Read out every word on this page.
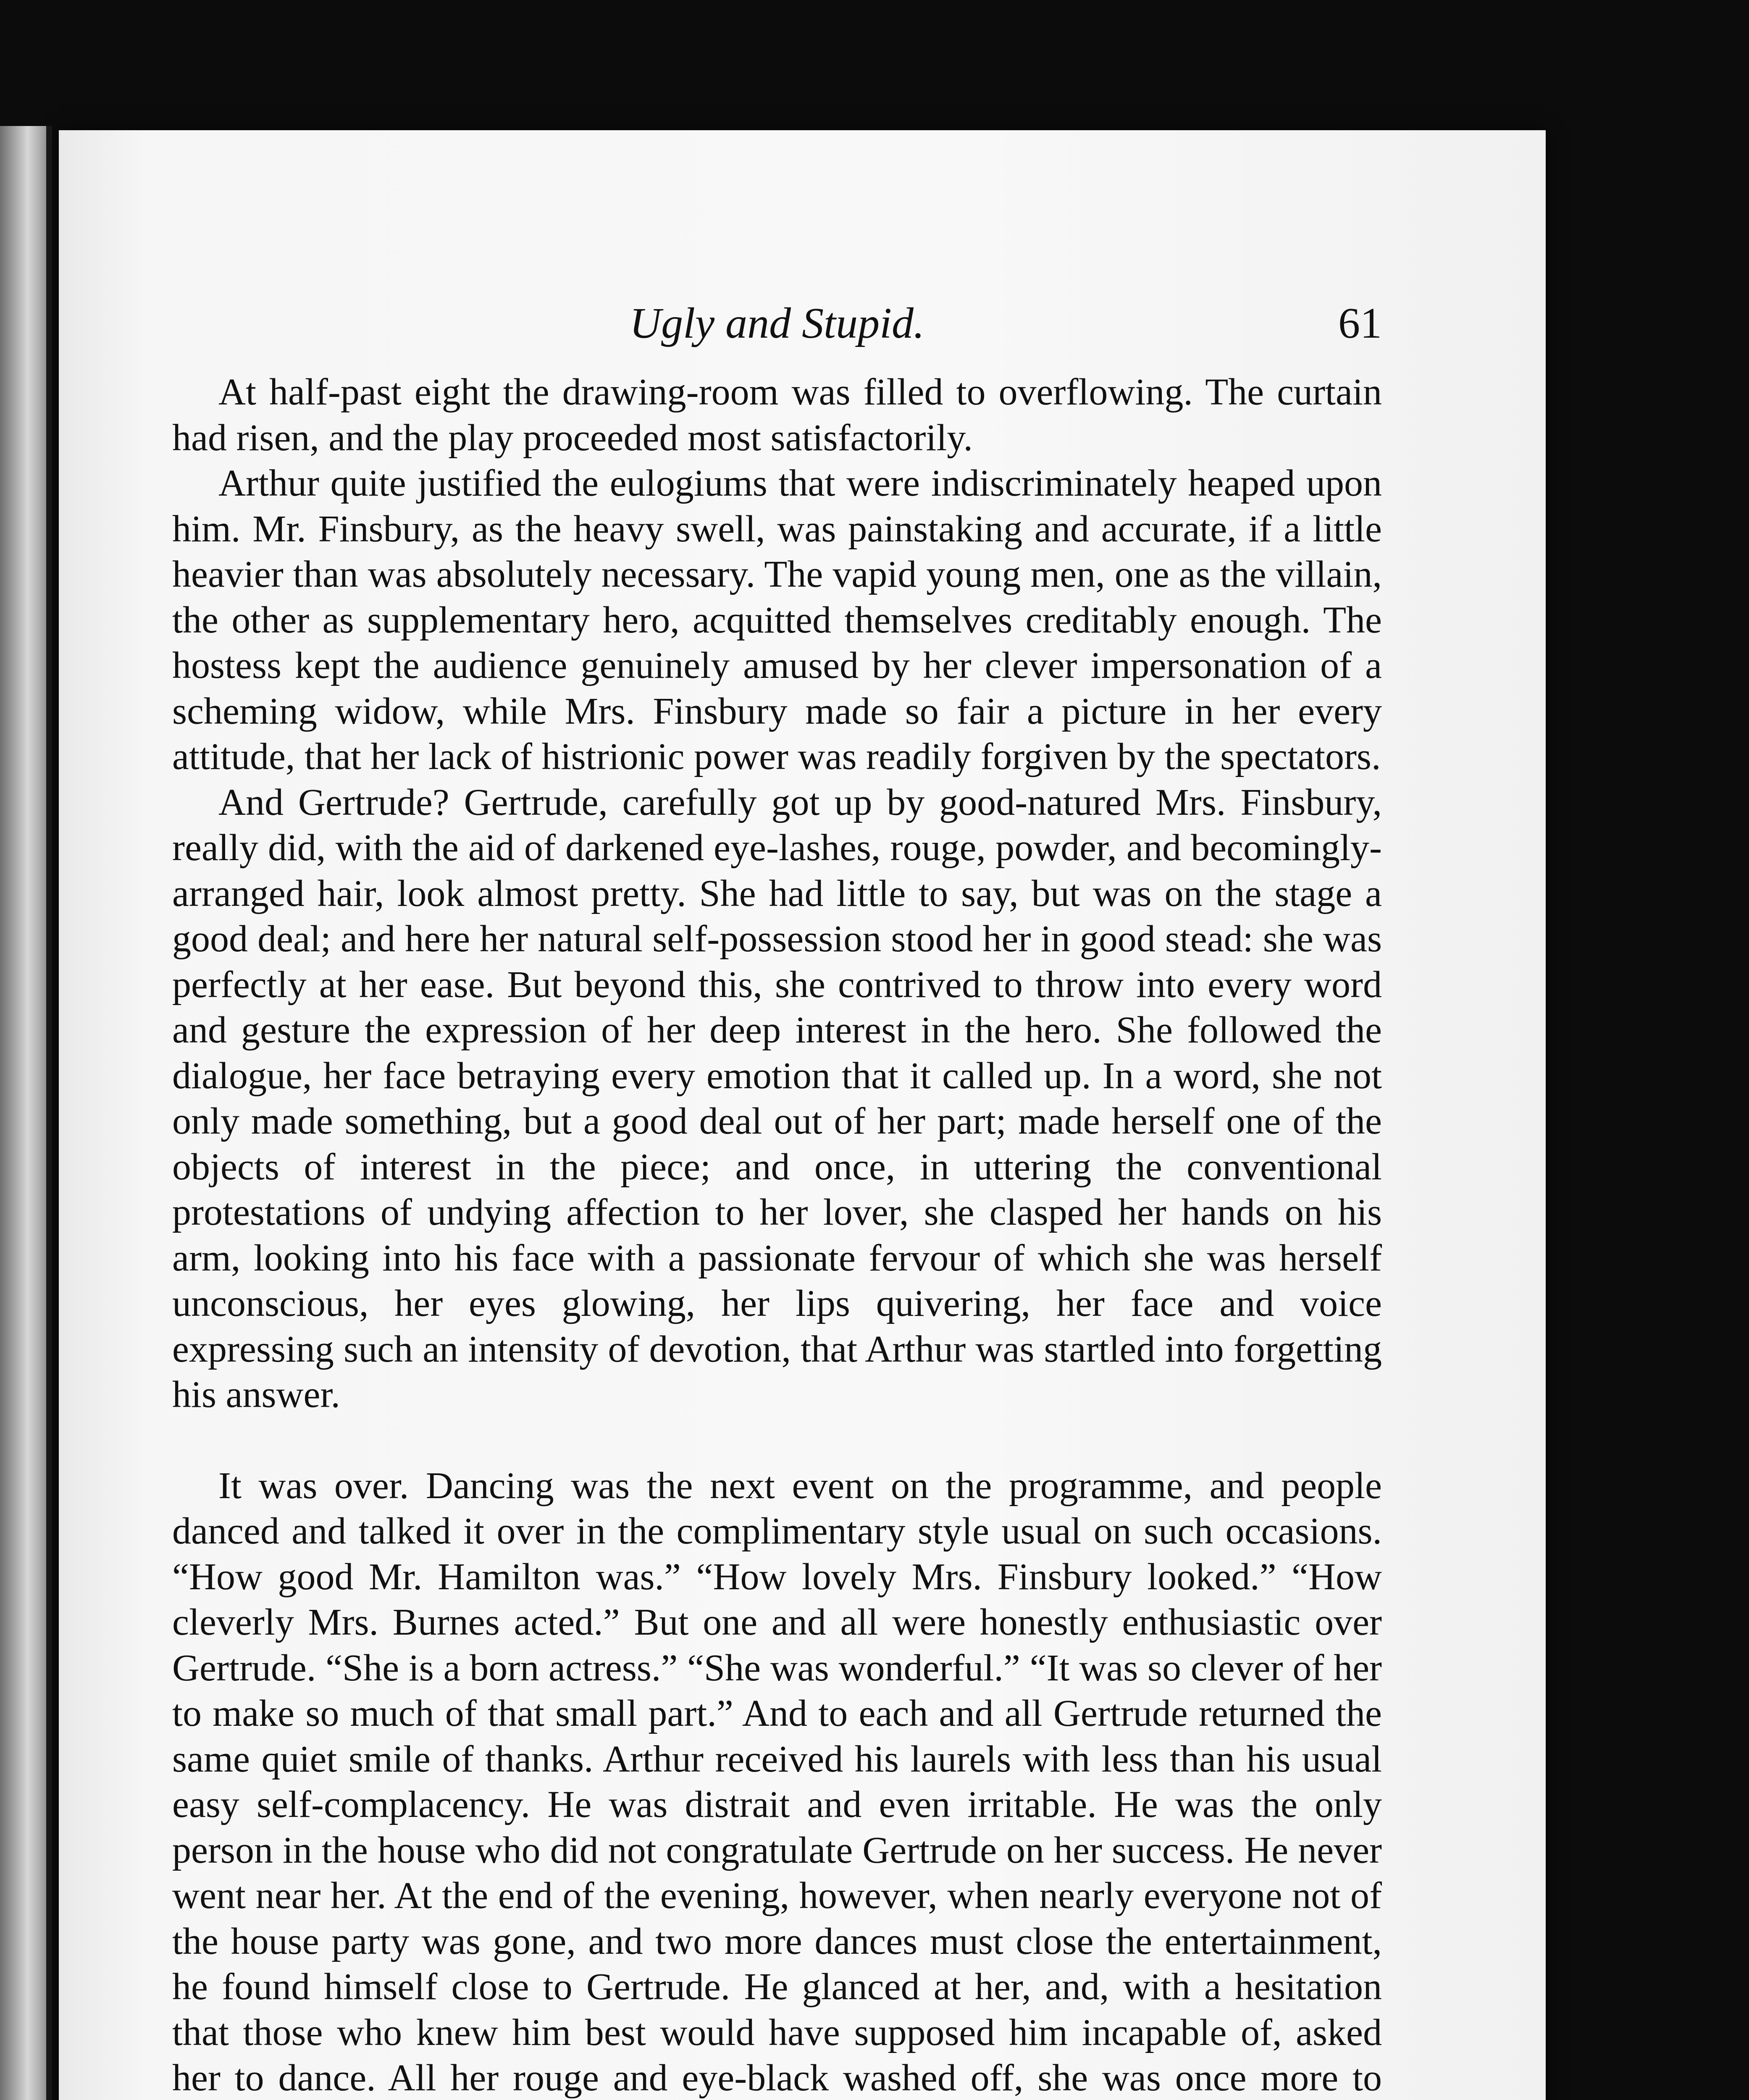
Ugly and Stupid.	61

At half-past eight the drawing-room was filled to overflowing. The curtain had risen, and the play proceeded most satisfactorily.

Arthur quite justified the eulogiums that were indiscriminately heaped upon him. Mr. Finsbury, as the heavy swell, was painstaking and accurate, if a little heavier than was absolutely necessary. The vapid young men, one as the villain, the other as supplementary hero, acquitted themselves creditably enough. The hostess kept the audience genuinely amused by her clever impersonation of a scheming widow, while Mrs. Finsbury made so fair a picture in her every attitude, that her lack of histrionic power was readily forgiven by the spectators.

And Gertrude? Gertrude, carefully got up by good-natured Mrs. Finsbury, really did, with the aid of darkened eye-lashes, rouge, powder, and becomingly-arranged hair, look almost pretty. She had little to say, but was on the stage a good deal; and here her natural self-possession stood her in good stead: she was perfectly at her ease. But beyond this, she contrived to throw into every word and gesture the expression of her deep interest in the hero. She followed the dialogue, her face betraying every emotion that it called up. In a word, she not only made something, but a good deal out of her part; made herself one of the objects of interest in the piece; and once, in uttering the conventional protestations of undying affection to her lover, she clasped her hands on his arm, looking into his face with a passionate fervour of which she was herself unconscious, her eyes glowing, her lips quivering, her face and voice expressing such an intensity of devotion, that Arthur was startled into forgetting his answer.

It was over. Dancing was the next event on the programme, and people danced and talked it over in the complimentary style usual on such occasions. “How good Mr. Hamilton was.” “How lovely Mrs. Finsbury looked.” “How cleverly Mrs. Burnes acted.” But one and all were honestly enthusiastic over Gertrude. “She is a born actress.” “She was wonderful.” “It was so clever of her to make so much of that small part.” And to each and all Gertrude returned the same quiet smile of thanks. Arthur received his laurels with less than his usual easy self-complacency. He was distrait and even irritable. He was the only person in the house who did not congratulate Gertrude on her success. He never went near her. At the end of the evening, however, when nearly everyone not of the house party was gone, and two more dances must close the entertainment, he found himself close to Gertrude. He glanced at her, and, with a hesitation that those who knew him best would have supposed him incapable of, asked her to dance. All her rouge and eye-black washed off, she was once more to
